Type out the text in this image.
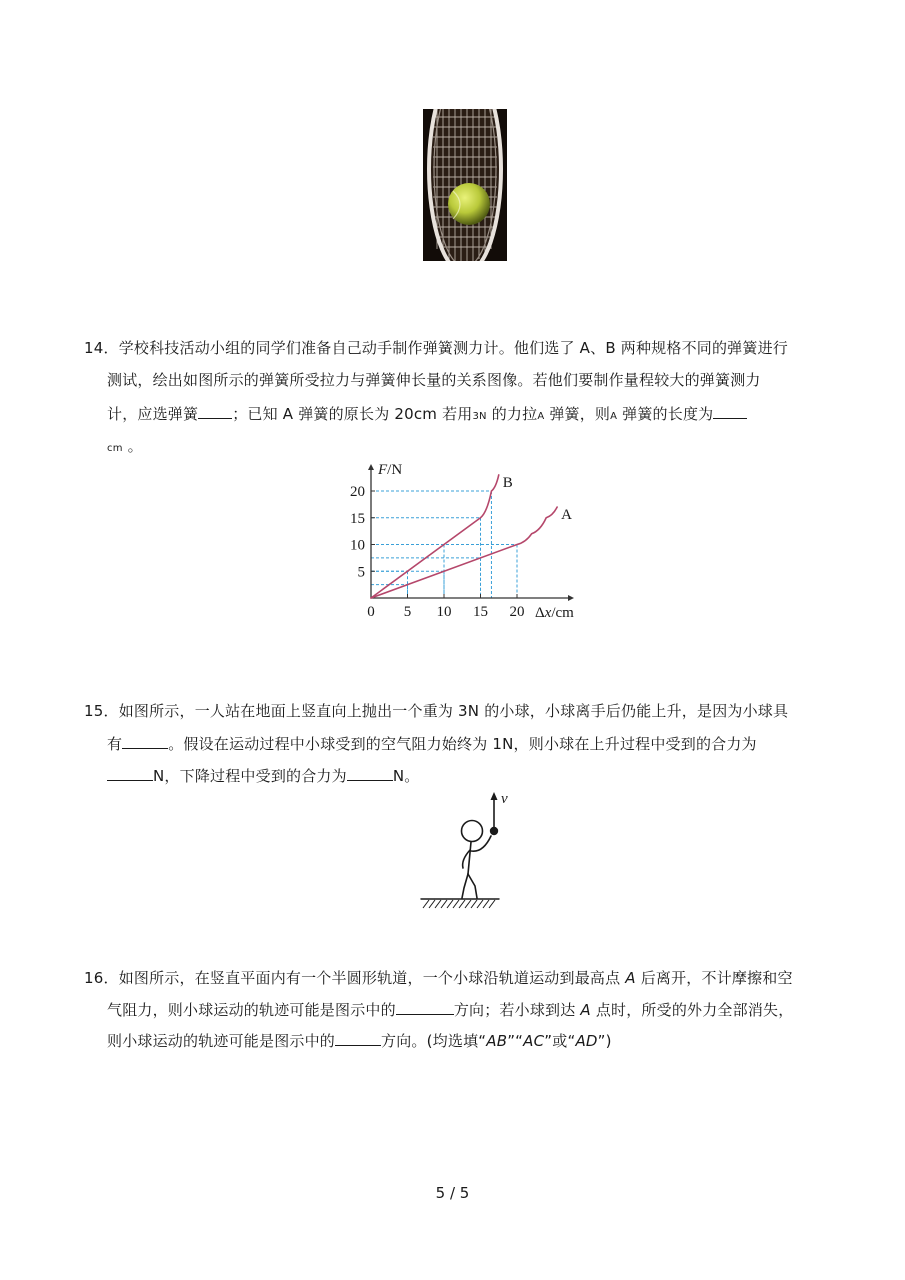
14．学校科技活动小组的同学们准备自己动手制作弹簧测力计。他们选了 A、B 两种规格不同的弹簧进行
测试，绘出如图所示的弹簧所受拉力与弹簧伸长量的关系图像。若他们要制作量程较大的弹簧测力
计，应选弹簧 ；已知 A 弹簧的原长为 20cm 若用3N 的力拉A 弹簧，则A 弹簧的长度为
cm 。
5
10
15
20
0 5 10 15 20
F/N
Δx/cm
B
A
15．如图所示，一人站在地面上竖直向上抛出一个重为 3N 的小球，小球离手后仍能上升，是因为小球具
有	。假设在运动过程中小球受到的空气阻力始终为 1N，则小球在上升过程中受到的合力为
N，下降过程中受到的合力为	N。
v
16．如图所示，在竖直平面内有一个半圆形轨道，一个小球沿轨道运动到最高点 A 后离开，不计摩擦和空
气阻力，则小球运动的轨迹可能是图示中的	方向；若小球到达 A 点时，所受的外力全部消失，
则小球运动的轨迹可能是图示中的	方向。(均选填“AB”“AC”或“AD”)
5 / 5
